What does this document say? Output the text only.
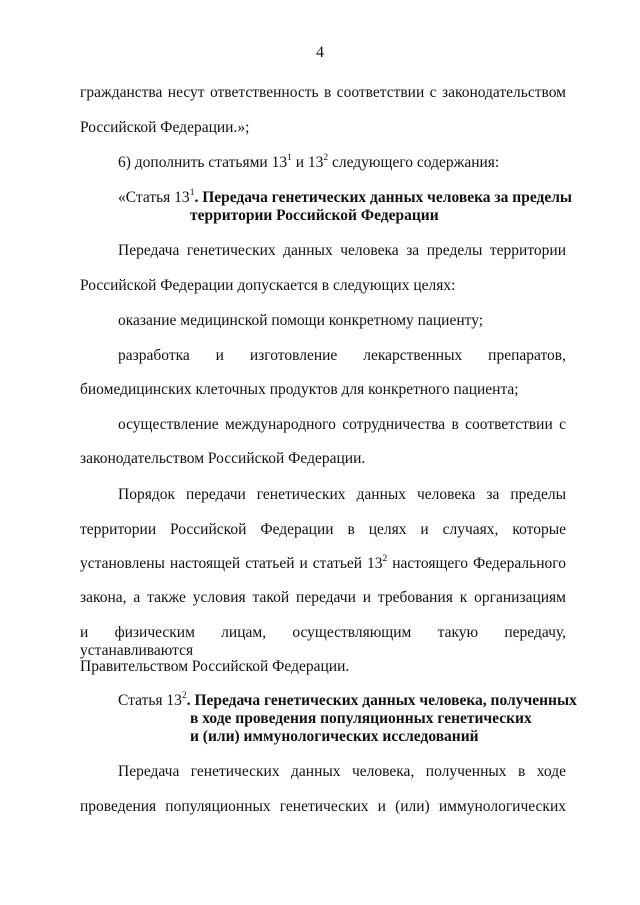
4
гражданства несут ответственность в соответствии с законодательством
Российской Федерации.»;
6) дополнить статьями $13^1$ и $13^2$ следующего содержания:
«Статья $13^1$. Передача генетических данных человека за пределы
территории Российской Федерации
Передача генетических данных человека за пределы территории
Российской Федерации допускается в следующих целях:
оказание медицинской помощи конкретному пациенту;
разработка и изготовление лекарственных препаратов,
биомедицинских клеточных продуктов для конкретного пациента;
осуществление международного сотрудничества в соответствии с
законодательством Российской Федерации.
Порядок передачи генетических данных человека за пределы
территории Российской Федерации в целях и случаях, которые
установлены настоящей статьей и статьей $13^2$ настоящего Федерального
закона, а также условия такой передачи и требования к организациям
и физическим лицам, осуществляющим такую передачу, устанавливаются
Правительством Российской Федерации.
Статья $13^2$. Передача генетических данных человека, полученных
в ходе проведения популяционных генетических
и (или) иммунологических исследований
Передача генетических данных человека, полученных в ходе
проведения популяционных генетических и (или) иммунологических
